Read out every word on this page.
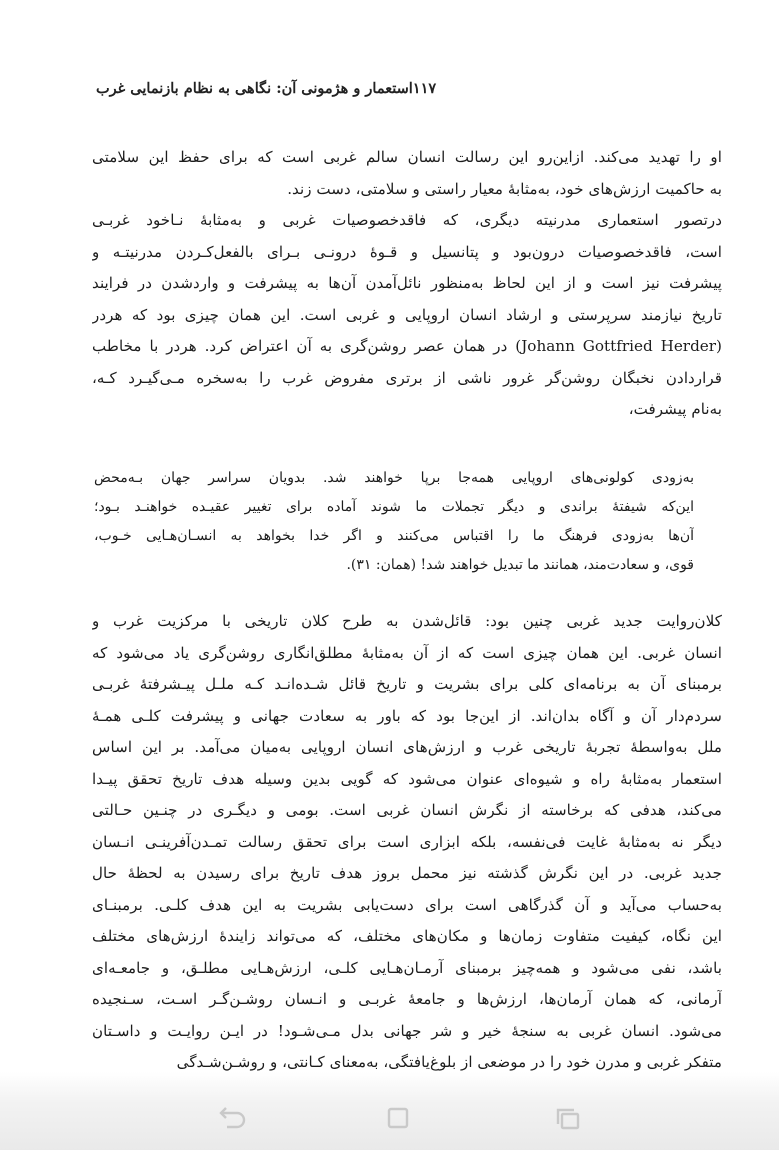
استعمار و هژمونی آن: نگاهی به نظام بازنمایی غرب ۱۱۷
او را تهدید می‌کند. ازاین‌رو این رسالت انسان سالم غربی است که برای حفظ این سلامتی
به حاکمیت ارزش‌های خود، به‌مثابهٔ معیار راستی و سلامتی، دست زند.
درتصور استعماری مدرنیته دیگری، که فاقدخصوصیات غربی و به‌مثابهٔ نـاخود غربـی
است، فاقدخصوصیات درون‌بود و پتانسیل و قـوهٔ درونـی بـرای بالفعل‌کـردن مدرنیتـه و
پیشرفت نیز است و از این لحاظ به‌منظور نائل‌آمدن آن‌ها به پیشرفت و واردشدن در فرایند
تاریخ نیازمند سرپرستی و ارشاد انسان اروپایی و غربی است. این همان چیزی بود که هردر
(Johann Gottfried Herder) در همان عصر روشن‌گری به آن اعتراض کرد. هردر با مخاطب
قراردادن نخبگان روشن‌گر غرور ناشی از برتری مفروض غرب را به‌سخره مـی‌گیـرد کـه،
به‌نام پیشرفت،
به‌زودی کولونی‌های اروپایی همه‌جا برپا خواهند شد. بدویان سراسر جهان بـه‌محض
این‌که شیفتهٔ براندی و دیگر تجملات ما شوند آماده برای تغییر عقیـده خواهنـد بـود؛
آن‌ها به‌زودی فرهنگ ما را اقتباس می‌کنند و اگر خدا بخواهد به انسـان‌هـایی خـوب،
قوی، و سعادت‌مند، همانند ما تبدیل خواهند شد! (همان: ۳۱).
کلان‌روایت جدید غربی چنین بود: قائل‌شدن به طرح کلان تاریخی با مرکزیت غرب و
انسان غربی. این همان چیزی است که از آن به‌مثابهٔ مطلق‌انگاری روشن‌گری یاد می‌شود که
برمبنای آن به برنامه‌ای کلی برای بشریت و تاریخ قائل شـده‌انـد کـه ملـل پیـشرفتهٔ غربـی
سردم‌دار آن و آگاه بدان‌اند. از این‌جا بود که باور به سعادت جهانی و پیشرفت کلـی همـهٔ
ملل به‌واسطهٔ تجربهٔ تاریخی غرب و ارزش‌های انسان اروپایی به‌میان می‌آمد. بر این اساس
استعمار به‌مثابهٔ راه و شیوه‌ای عنوان می‌شود که گویی بدین وسیله هدف تاریخ تحقق پیـدا
می‌کند، هدفی که برخاسته از نگرش انسان غربی است. بومی و دیگـری در چنـین حـالتی
دیگر نه به‌مثابهٔ غایت فی‌نفسه، بلکه ابزاری است برای تحقق رسالت تمـدن‌آفرینـی انـسان
جدید غربی. در این نگرش گذشته نیز محمل بروز هدف تاریخ برای رسیدن به لحظهٔ حال
به‌حساب می‌آید و آن گذرگاهی است برای دست‌یابی بشریت به این هدف کلـی. برمبنـای
این نگاه، کیفیت متفاوت زمان‌ها و مکان‌های مختلف، که می‌تواند زایندهٔ ارزش‌های مختلف
باشد، نفی می‌شود و همه‌چیز برمبنای آرمـان‌هـایی کلـی، ارزش‌هـایی مطلـق، و جامعـه‌ای
آرمانی، که همان آرمان‌ها، ارزش‌ها و جامعهٔ غربـی و انـسان روشـن‌گـر اسـت، سـنجیده
می‌شود. انسان غربی به سنجهٔ خیر و شر جهانی بدل مـی‌شـود! در ایـن روایـت و داسـتان
متفکر غربی و مدرن خود را در موضعی از بلوغ‌یافتگی، به‌معنای کـانتی، و روشـن‌شـدگی
